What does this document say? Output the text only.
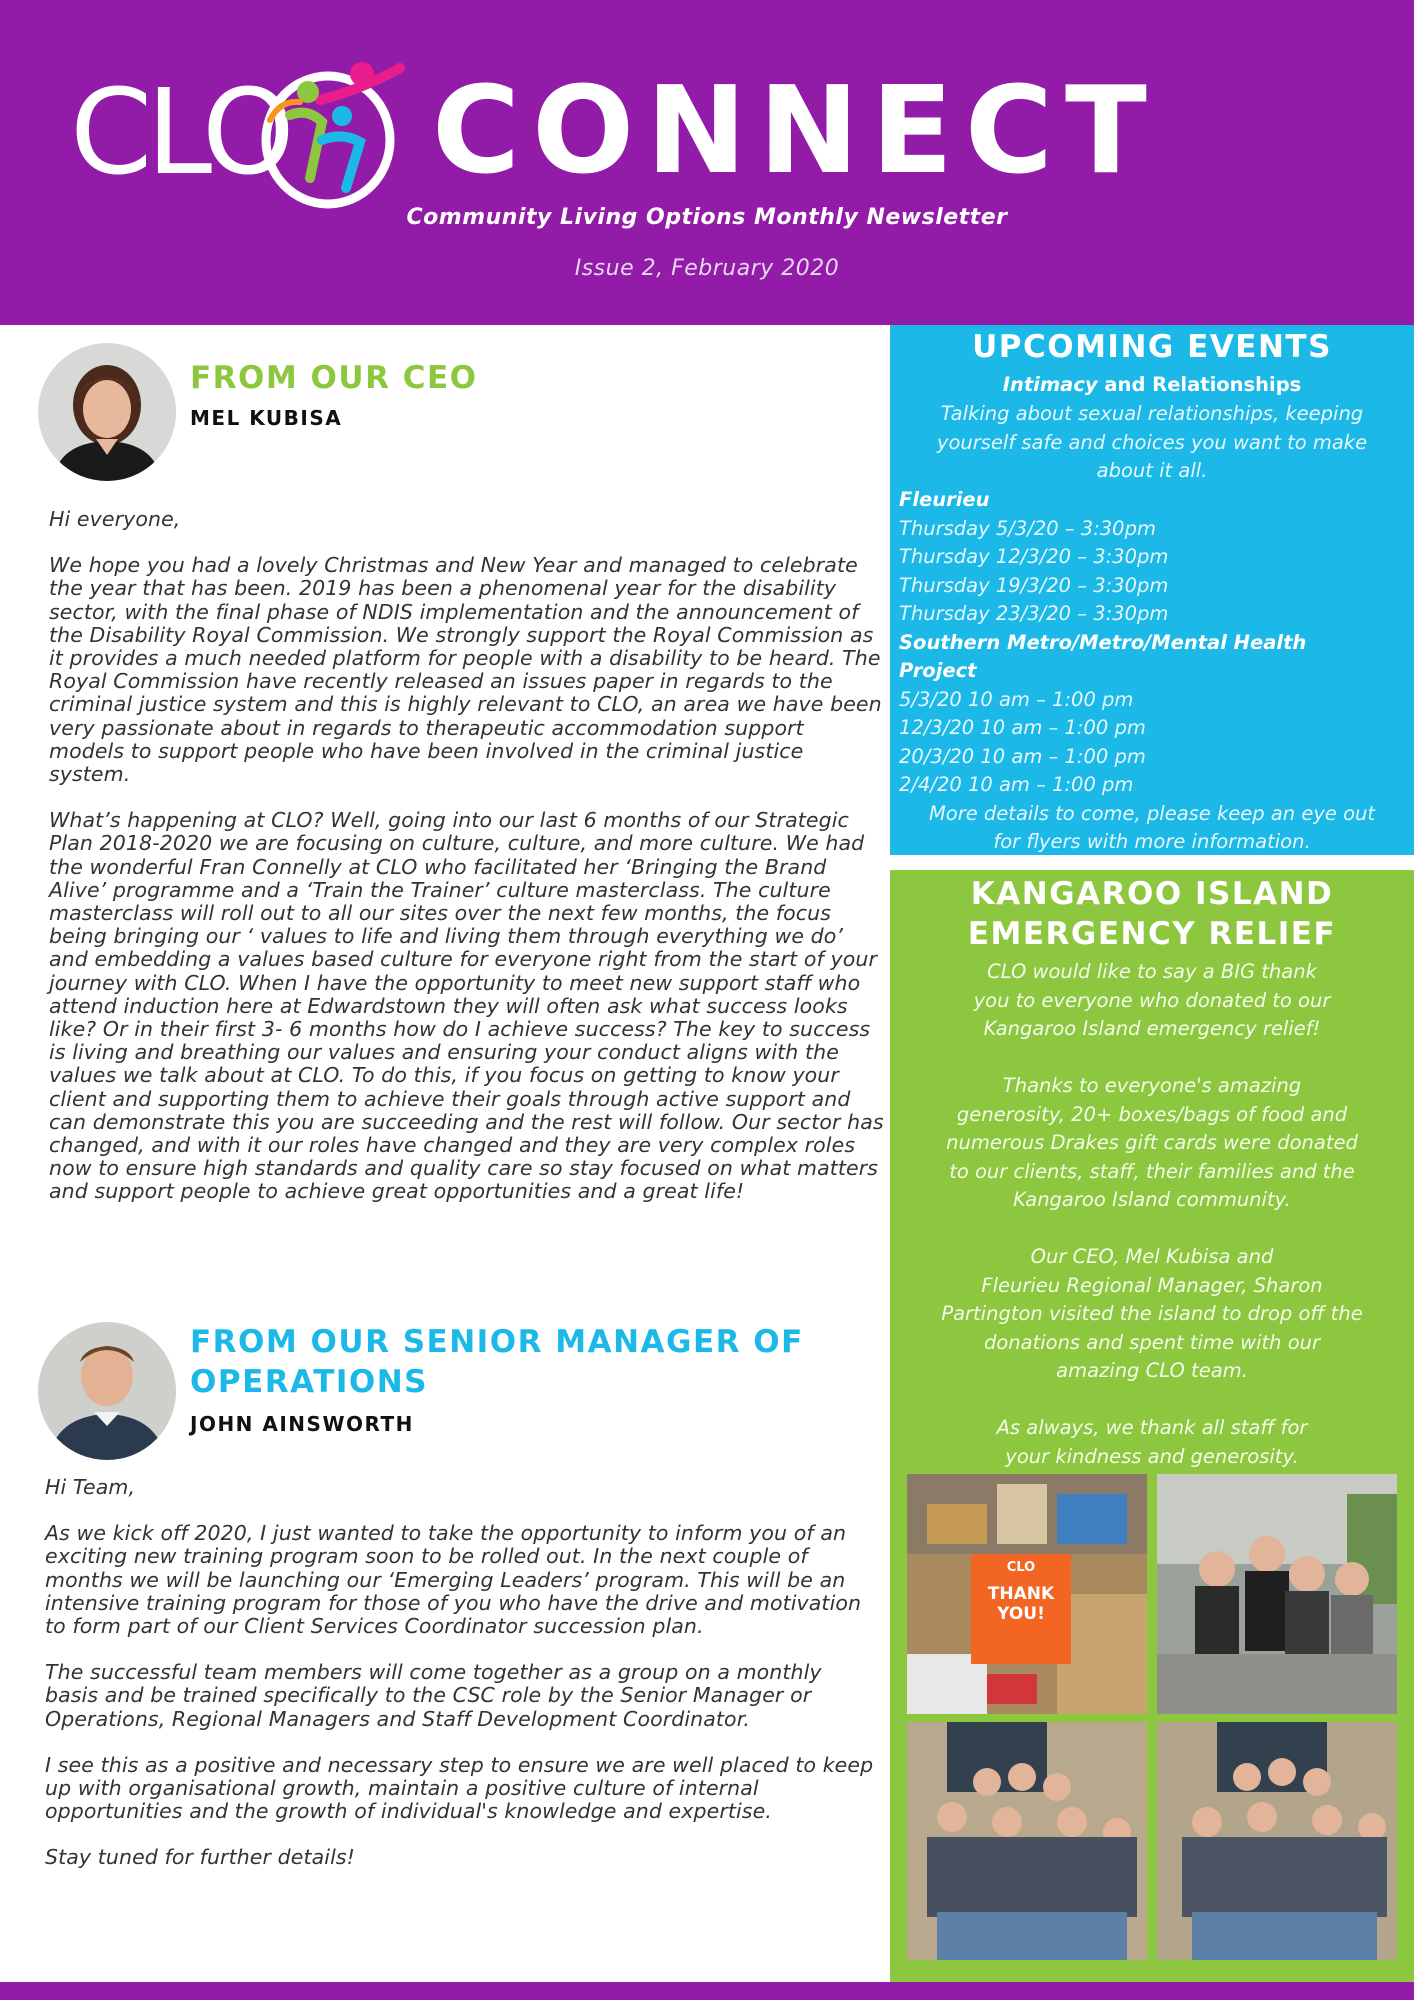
CLO CONNECT
Community Living Options Monthly Newsletter
Issue 2, February 2020
FROM OUR CEO
MEL KUBISA

Hi everyone,

We hope you had a lovely Christmas and New Year and managed to celebrate the year that has been. 2019 has been a phenomenal year for the disability sector, with the final phase of NDIS implementation and the announcement of the Disability Royal Commission. We strongly support the Royal Commission as it provides a much needed platform for people with a disability to be heard. The Royal Commission have recently released an issues paper in regards to the criminal justice system and this is highly relevant to CLO, an area we have been very passionate about in regards to therapeutic accommodation support models to support people who have been involved in the criminal justice system.

What’s happening at CLO? Well, going into our last 6 months of our Strategic Plan 2018-2020 we are focusing on culture, culture, and more culture. We had the wonderful Fran Connelly at CLO who facilitated her ‘Bringing the Brand Alive’ programme and a ‘Train the Trainer’ culture masterclass. The culture masterclass will roll out to all our sites over the next few months, the focus being bringing our ‘ values to life and living them through everything we do’ and embedding a values based culture for everyone right from the start of your journey with CLO. When I have the opportunity to meet new support staff who attend induction here at Edwardstown they will often ask what success looks like? Or in their first 3- 6 months how do I achieve success? The key to success is living and breathing our values and ensuring your conduct aligns with the values we talk about at CLO. To do this, if you focus on getting to know your client and supporting them to achieve their goals through active support and can demonstrate this you are succeeding and the rest will follow. Our sector has changed, and with it our roles have changed and they are very complex roles now to ensure high standards and quality care so stay focused on what matters and support people to achieve great opportunities and a great life!

FROM OUR SENIOR MANAGER OF
OPERATIONS
JOHN AINSWORTH

Hi Team,

As we kick off 2020, I just wanted to take the opportunity to inform you of an exciting new training program soon to be rolled out. In the next couple of months we will be launching our ‘Emerging Leaders’ program. This will be an intensive training program for those of you who have the drive and motivation to form part of our Client Services Coordinator succession plan.

The successful team members will come together as a group on a monthly basis and be trained specifically to the CSC role by the Senior Manager or Operations, Regional Managers and Staff Development Coordinator.

I see this as a positive and necessary step to ensure we are well placed to keep up with organisational growth, maintain a positive culture of internal opportunities and the growth of individual's knowledge and expertise.

Stay tuned for further details!

UPCOMING EVENTS
Intimacy and Relationships
Talking about sexual relationships, keeping
yourself safe and choices you want to make
about it all.
Fleurieu
Thursday 5/3/20 – 3:30pm
Thursday 12/3/20 – 3:30pm
Thursday 19/3/20 – 3:30pm
Thursday 23/3/20 – 3:30pm
Southern Metro/Metro/Mental Health
Project
5/3/20 10 am – 1:00 pm
12/3/20 10 am – 1:00 pm
20/3/20 10 am – 1:00 pm
2/4/20 10 am – 1:00 pm
More details to come, please keep an eye out
for flyers with more information.
KANGAROO ISLAND
EMERGENCY RELIEF
CLO would like to say a BIG thank
you to everyone who donated to our
Kangaroo Island emergency relief!
Thanks to everyone's amazing
generosity, 20+ boxes/bags of food and
numerous Drakes gift cards were donated
to our clients, staff, their families and the
Kangaroo Island community.
Our CEO, Mel Kubisa and
Fleurieu Regional Manager, Sharon
Partington visited the island to drop off the
donations and spent time with our
amazing CLO team.
As always, we thank all staff for
your kindness and generosity.
CLO
THANK
YOU!
